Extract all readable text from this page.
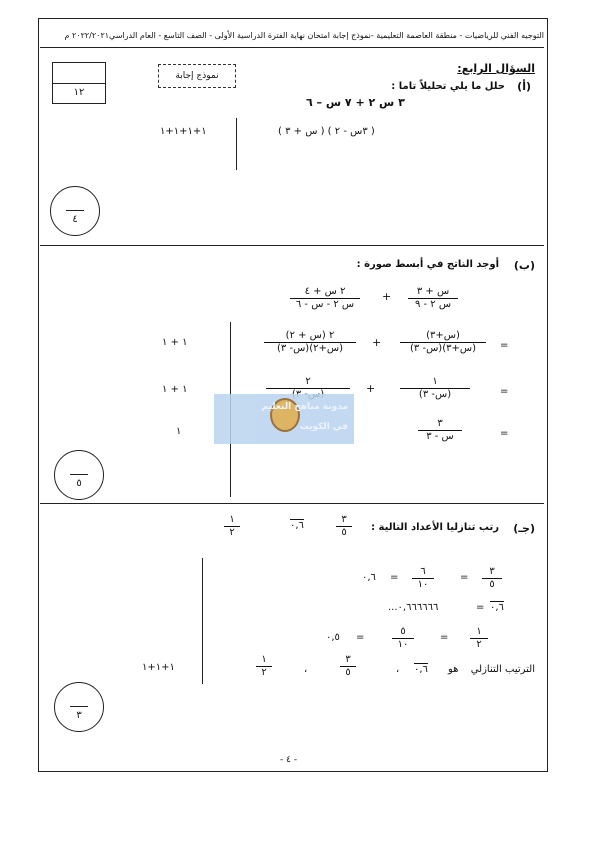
التوجيه الفني للرياضيات - منطقة العاصمة التعليمية -نموذج إجابة امتحان نهاية الفترة الدراسية الأولى - الصف التاسع - العام الدراسي٢٠٢٢/٢٠٢١ م
السؤال الرابع:
١٢
نموذج إجابة
(أ)
حلل ما يلي تحليلاً تاما :
٣ س ٢ + ٧ س – ٦
( ٣س - ٢ ) ( س + ٣ )
١+١+١+١
٤
(ب)
أوجد الناتج في أبسط صورة :
س + ٣
س ٢ - ٩
+
٢ س + ٤
س ٢ - س - ٦
=
(س+٣)
(س- ٣)(س+٣)
+
٢ (س + ٢)
(س- ٣)(س+٢)
١ + ١
=
١
(س- ٣)
+
٢
١ + ١
=
٣
س - ٣
١
٥
مدونة مناهج التعليم
في الكويت
(جـ)
رتب تنازليا الأعداد التالية :
٣
٥
٠,٦
١
٢
٣
٥
=
٦
١٠
=
٠,٦
٠,٦
=
٠,٦٦٦٦٦٦...
١
٢
=
٥
١٠
=
٠,٥
الترتيب التنازلي
هو
٠,٦
،
٣
٥
،
١
٢
١+١+١
٣
- ٤ -
